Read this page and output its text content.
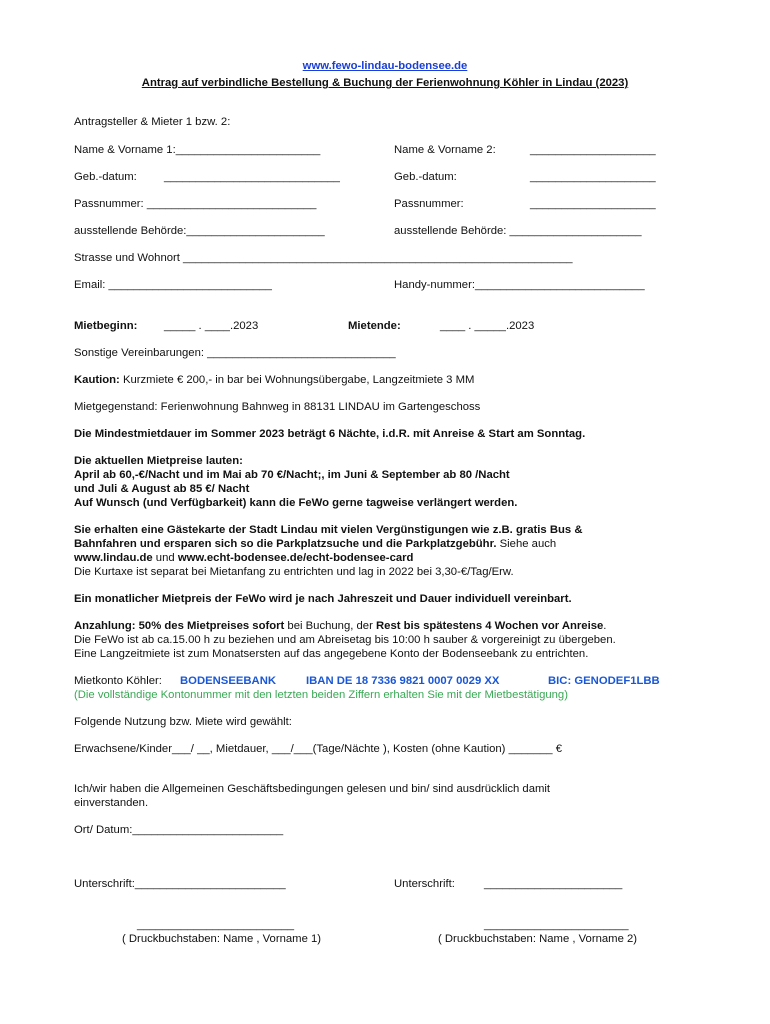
www.fewo-lindau-bodensee.de
Antrag auf verbindliche Bestellung & Buchung der Ferienwohnung Köhler in Lindau (2023)
Antragsteller & Mieter 1 bzw. 2:
Name & Vorname 1:_______________________	Name & Vorname 2:	____________________
Geb.-datum: ____________________________	Geb.-datum:	____________________
Passnummer: ___________________________	Passnummer:	____________________
ausstellende Behörde:______________________	ausstellende Behörde: _____________________
Strasse und Wohnort ______________________________________________________________
Email: __________________________	Handy-nummer:___________________________
Mietbeginn: _____ . ____.2023	Mietende:	____ . _____.2023
Sonstige Vereinbarungen: ______________________________
Kaution: Kurzmiete € 200,- in bar bei Wohnungsübergabe, Langzeitmiete 3 MM
Mietgegenstand: Ferienwohnung Bahnweg in 88131 LINDAU im Gartengeschoss
Die Mindestmietdauer im Sommer 2023 beträgt 6 Nächte, i.d.R. mit Anreise & Start am Sonntag.
Die aktuellen Mietpreise lauten:
April ab 60,-€/Nacht und im Mai ab 70 €/Nacht;, im Juni & September ab 80 /Nacht
und Juli & August ab 85 €/ Nacht
Auf Wunsch (und Verfügbarkeit) kann die FeWo gerne tagweise verlängert werden.
Sie erhalten eine Gästekarte der Stadt Lindau mit vielen Vergünstigungen wie z.B. gratis Bus &
Bahnfahren und ersparen sich so die Parkplatzsuche und die Parkplatzgebühr. Siehe auch
www.lindau.de und www.echt-bodensee.de/echt-bodensee-card
Die Kurtaxe ist separat bei Mietanfang zu entrichten und lag in 2022 bei 3,30-€/Tag/Erw.
Ein monatlicher Mietpreis der FeWo wird je nach Jahreszeit und Dauer individuell vereinbart.
Anzahlung: 50% des Mietpreises sofort bei Buchung, der Rest bis spätestens 4 Wochen vor Anreise.
Die FeWo ist ab ca.15.00 h zu beziehen und am Abreisetag bis 10:00 h sauber & vorgereinigt zu übergeben.
Eine Langzeitmiete ist zum Monatsersten auf das angegebene Konto der Bodenseebank zu entrichten.
Mietkonto Köhler: BODENSEEBANK	IBAN DE 18 7336 9821 0007 0029 XX	BIC: GENODEF1LBB
(Die vollständige Kontonummer mit den letzten beiden Ziffern erhalten Sie mit der Mietbestätigung)
Folgende Nutzung bzw. Miete wird gewählt:
Erwachsene/Kinder___/ __, Mietdauer, ___/___(Tage/Nächte ), Kosten (ohne Kaution) _______ €
Ich/wir haben die Allgemeinen Geschäftsbedingungen gelesen und bin/ sind ausdrücklich damit
einverstanden.
Ort/ Datum:________________________
Unterschrift:________________________	Unterschrift:	______________________
_________________________	_______________________
( Druckbuchstaben: Name , Vorname 1)	( Druckbuchstaben: Name , Vorname 2)
